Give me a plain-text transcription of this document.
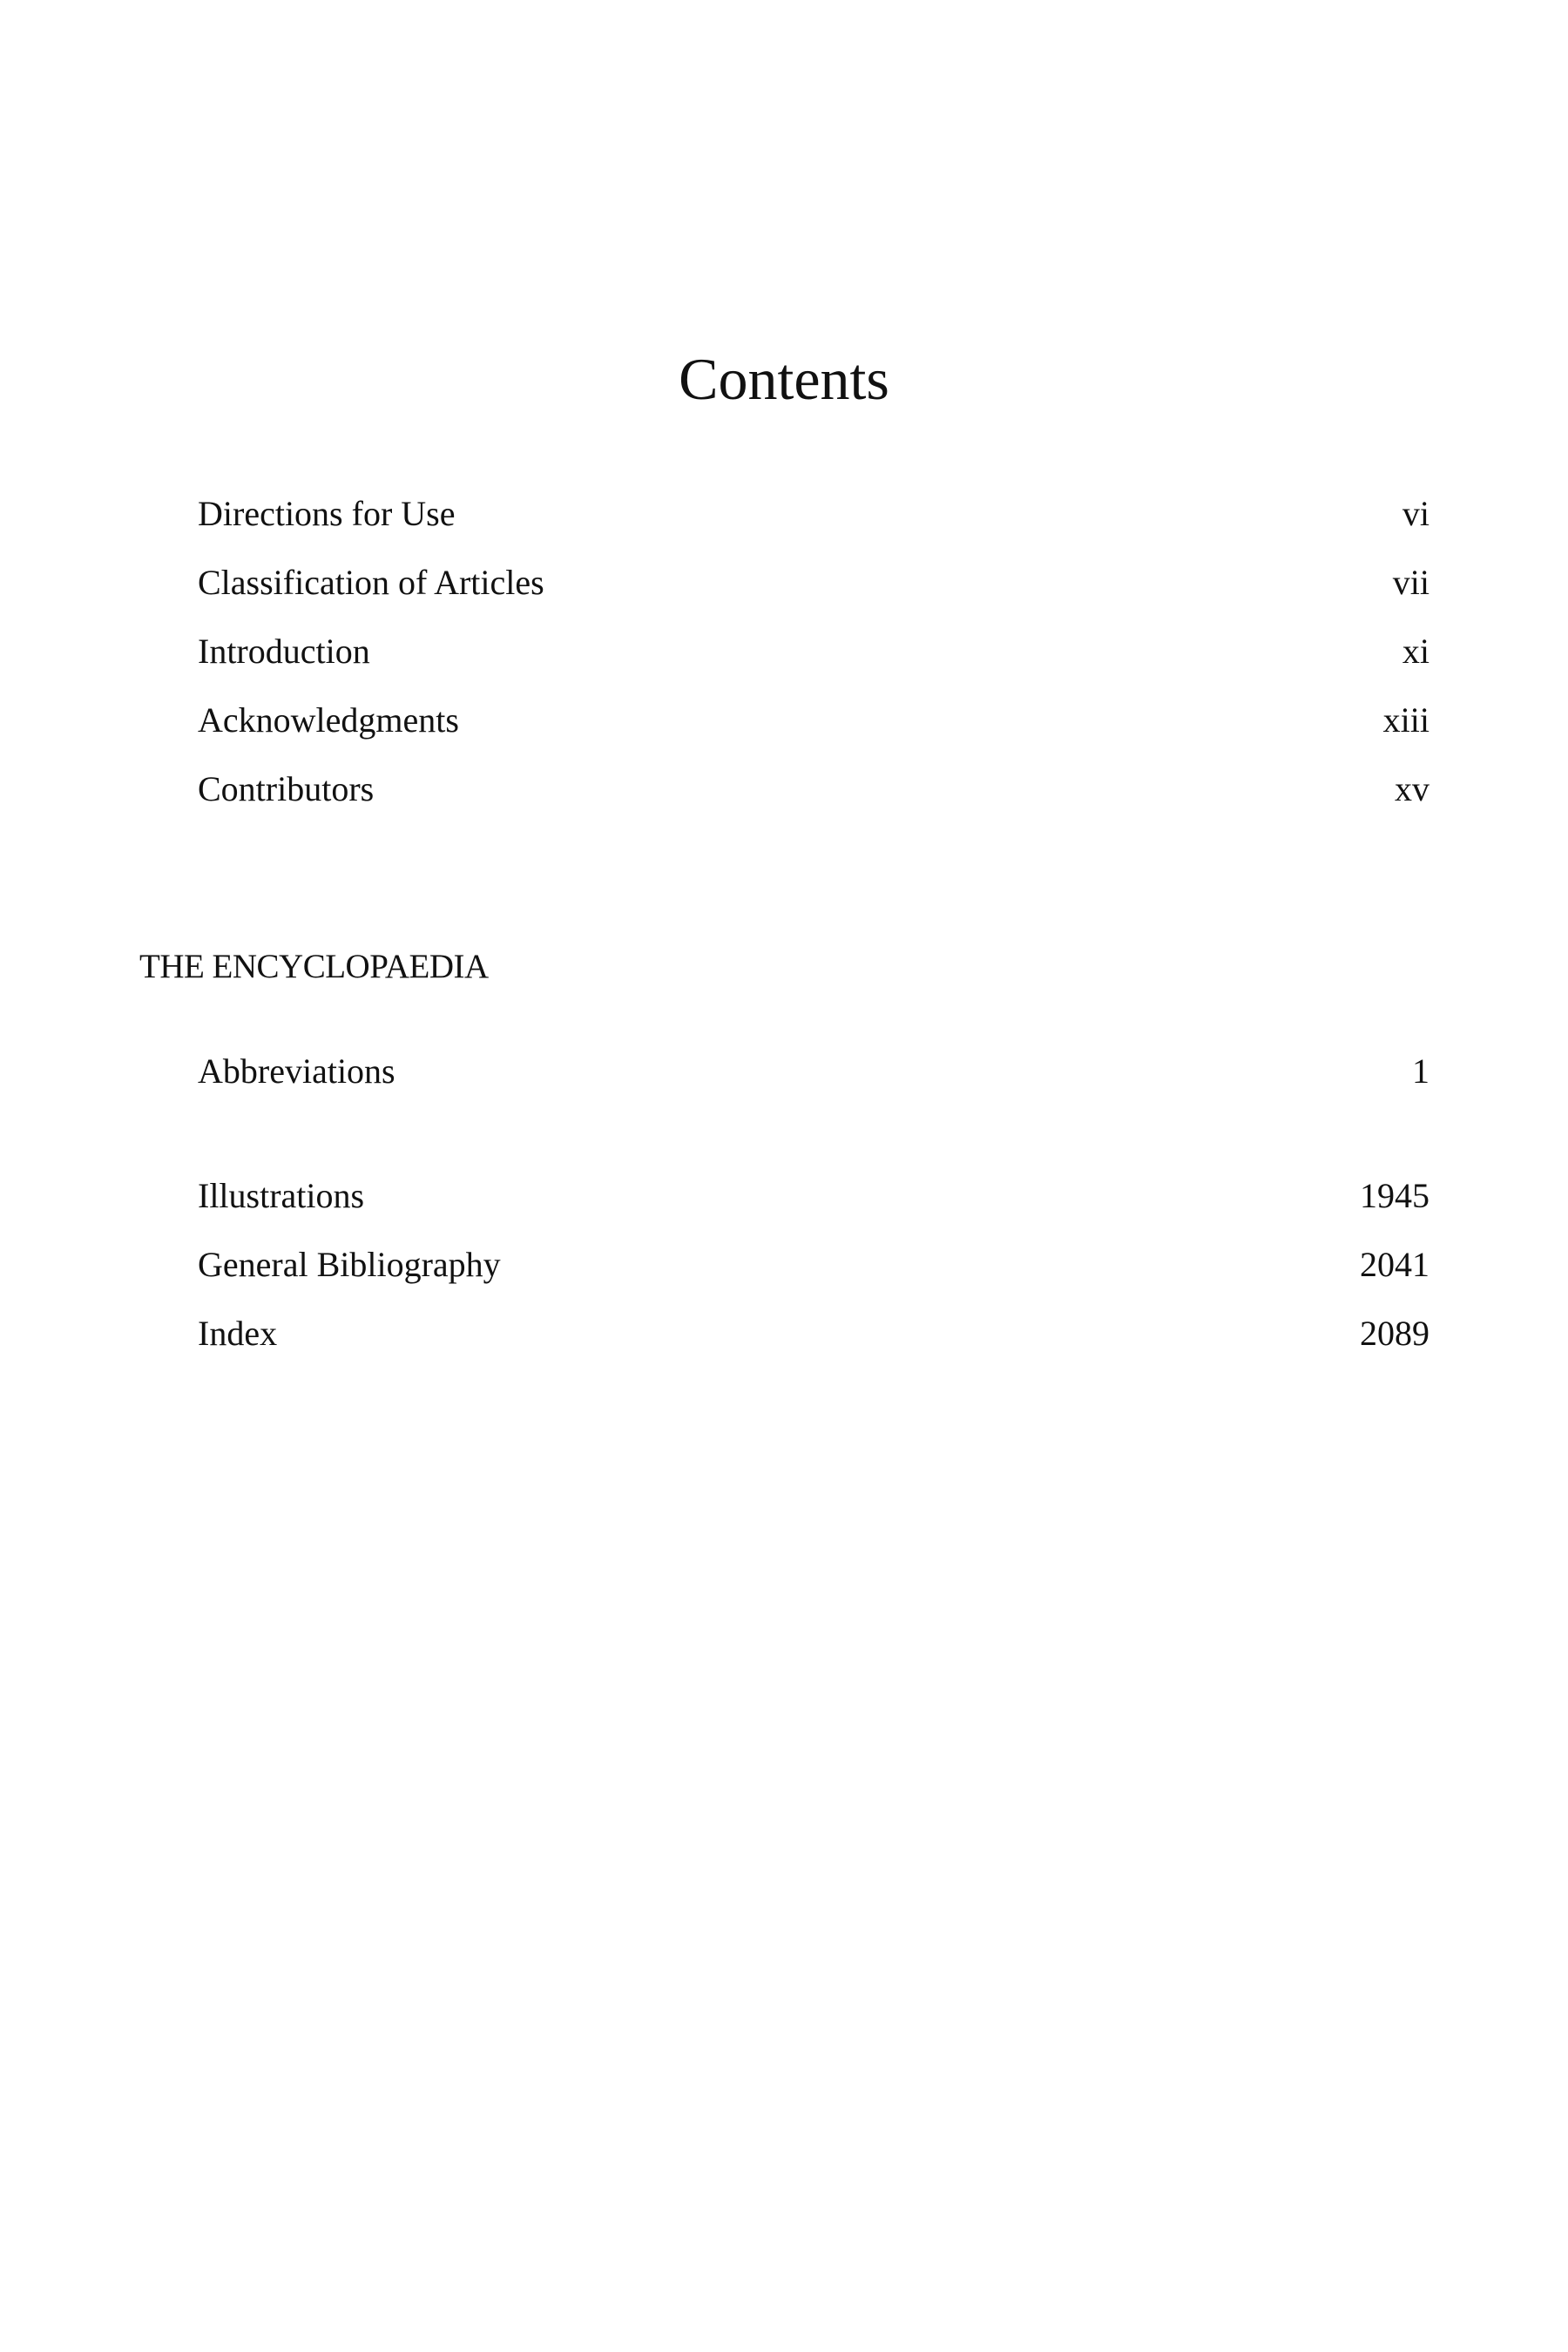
Contents
Directions for Use	vi
Classification of Articles	vii
Introduction	xi
Acknowledgments	xiii
Contributors	xv
THE ENCYCLOPAEDIA
Abbreviations	1
Illustrations	1945
General Bibliography	2041
Index	2089
